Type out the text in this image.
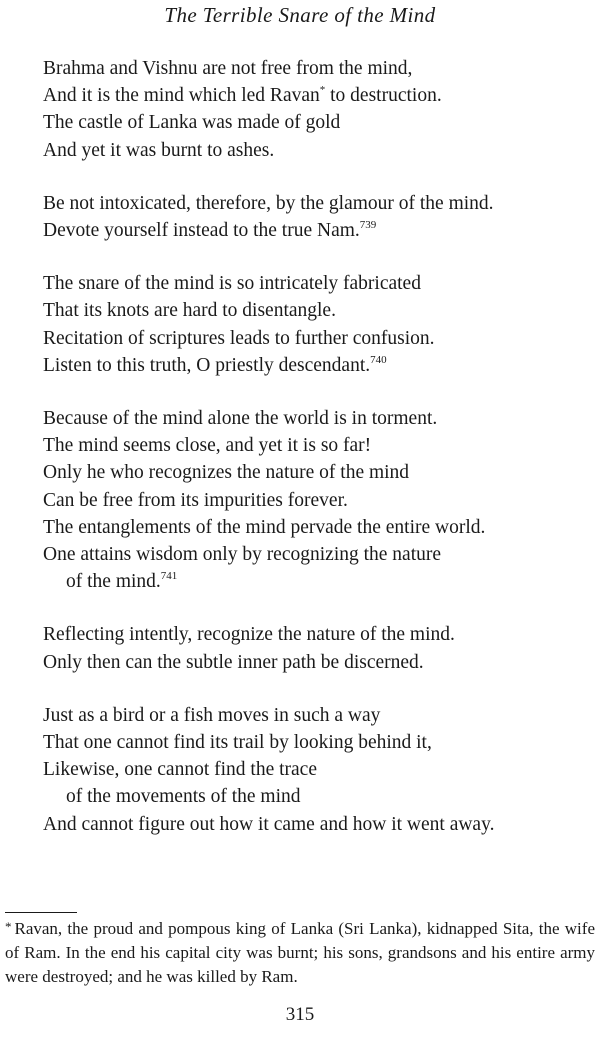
The Terrible Snare of the Mind
Brahma and Vishnu are not free from the mind,
And it is the mind which led Ravan* to destruction.
The castle of Lanka was made of gold
And yet it was burnt to ashes.
Be not intoxicated, therefore, by the glamour of the mind.
Devote yourself instead to the true Nam.$^{739}$
The snare of the mind is so intricately fabricated
That its knots are hard to disentangle.
Recitation of scriptures leads to further confusion.
Listen to this truth, O priestly descendant.$^{740}$
Because of the mind alone the world is in torment.
The mind seems close, and yet it is so far!
Only he who recognizes the nature of the mind
Can be free from its impurities forever.
The entanglements of the mind pervade the entire world.
One attains wisdom only by recognizing the nature
of the mind.$^{741}$
Reflecting intently, recognize the nature of the mind.
Only then can the subtle inner path be discerned.
Just as a bird or a fish moves in such a way
That one cannot find its trail by looking behind it,
Likewise, one cannot find the trace
of the movements of the mind
And cannot figure out how it came and how it went away.
* Ravan, the proud and pompous king of Lanka (Sri Lanka), kidnapped Sita, the wife of Ram. In the end his capital city was burnt; his sons, grandsons and his entire army were destroyed; and he was killed by Ram.
315
